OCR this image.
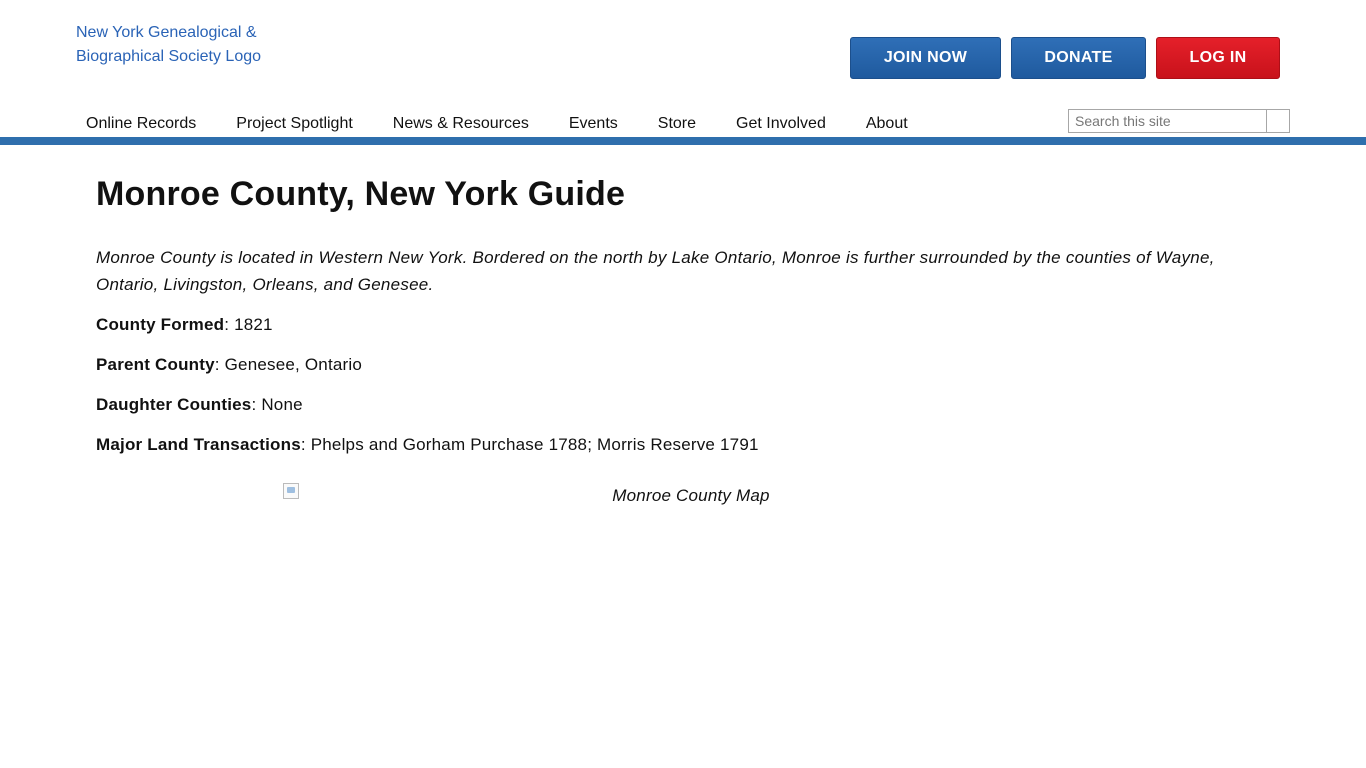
New York Genealogical & Biographical Society Logo	JOIN NOW	DONATE	LOG IN
Online Records	Project Spotlight	News & Resources	Events	Store	Get Involved	About
Search this site
Monroe County, New York Guide

Monroe County is located in Western New York. Bordered on the north by Lake Ontario, Monroe is further surrounded by the counties of Wayne, Ontario, Livingston, Orleans, and Genesee.

County Formed: 1821

Parent County: Genesee, Ontario

Daughter Counties: None

Major Land Transactions: Phelps and Gorham Purchase 1788; Morris Reserve 1791

Monroe County Map
